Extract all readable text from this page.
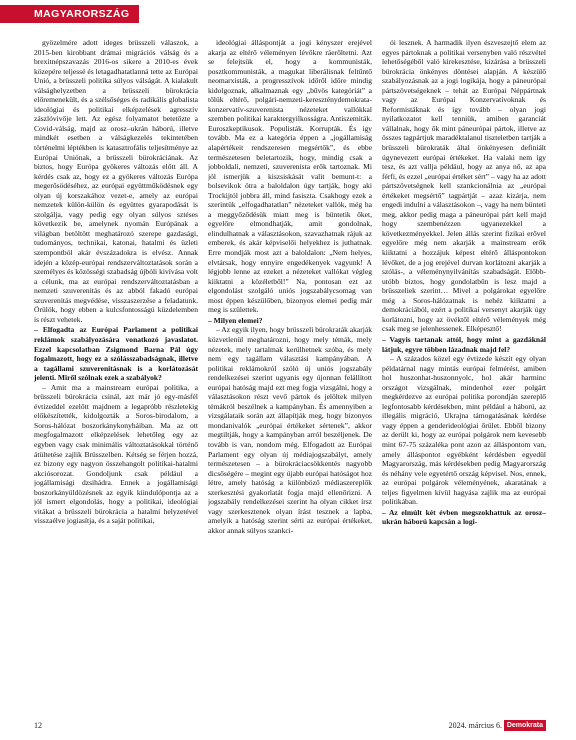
MAGYARORSZÁG

gyözelmére adott ideges brüsszeli válaszok, a 2015-ben kirobbant drámai migrációs válság és a brexitnépszavazás 2016-os sikere a 2010-es évek közepére teljessé és letagadhatatlanná tette az Európai Unió, a brüsszeli politika súlyos válságát. A kialakult válsághelyzetben a brüsszeli bürokrácia előremenekült, és a szélsőséges és radikális globalista ideológiai és politikai elképzelések agresszív zászlóvivője lett. Az egész folyamatot betetőzte a Covid-válság, majd az orosz–ukrán háború, illetve mindkét esetben a válságkezelés tekintetében történelmi léptékben is katasztrofális teljesítménye az Európai Uniónak, a brüsszeli bürokráciának. Az biztos, hogy Európa gyökeres változás előtt áll. A kérdés csak az, hogy ez a gyökeres változás Európa megerősödéséhez, az európai együttműködésnek egy olyan új korszakához vezet-e, amely az európai nemzetek külön-külön és együttes gyarapodását is szolgálja, vagy pedig egy olyan súlyos sztéses következik be, amelynek nyomán Európának a világban betöltött meghatározó szerepe gazdasági, tudományos, technikai, katonai, hatalmi és üzleti szempontból akár évszázadokra is elvész. Annak idején a közép-európai rendszerváltoztatások során a személyes és közösségi szabadság újbóli kivívása volt a célunk, ma az európai rendszerváltoztatásban a nemzeti szuverenitás és az abból fakadó európai szuverenitás megvédése, visszaszerzése a feladatunk. Örülök, hogy ebben a kulcsfontosságú küzdelemben is részt vehetek.

– Elfogadta az Európai Parlament a politikai reklámok szabályozására vonatkozó javaslatot. Ezzel kapcsolatban Zsigmond Barna Pál úgy fogalmazott, hogy ez a szólásszabadságnak, illetve a tagállami szuverenitásnak is a korlátozását jelenti. Miről szólnak ezek a szabályok?

– Amit ma a mainstream európai politika, a brüsszeli bürokrácia csinál, azt már jó egy-másfél évtizeddel ezelőtt majdnem a legapróbb részletekig előkészítették, kidolgozták a Soros-birodalom, a Soros-hálózat boszorkánykonyháiban. Ma az ott megfogalmazott elképzelések lehetőleg egy az egyben vagy csak minimális változtatásokkal történő átültetése zajlik Brüsszelben. Kétség se férjen hozzá, ez bizony egy nagyon összehangolt politikai-hatalmi akciósorozat. Gondoljunk csak például a jogállamisági dzsihádra. Ennek a jogállamisági boszorkányüldözésnek az egyik kiindulópontja az a jól ismert elgondolás, hogy a politikai, ideológiai vitákat a brüsszeli bürokrácia a hatalmi helyzetével visszaélve jogiasítja, és a saját politikai,

ideológiai álláspontját a jogi kényszer erejével akarja az eltérő véleményen lévőkre ráerőltetni. Azt se felejtsük el, hogy a kommunisták, posztkommunisták, a magukat liberálisnak feltűntő neomarxisták, a progresszívok időről időre mindig kidolgoznak, alkalmaznak egy „bűvös kategóriát” a tőlük eltérő, polgári-nemzeti-kereszténydemokrata-konzervatív-szuverenista nézeteket vallókkal szemben politikai karaktergyilkosságra. Antiszemiták. Euroszkeptikusok. Populisták. Korrupták. És így tovább. Ma ez a kategória éppen a „jogállamiság alapértékeit rendszeresen megsértők”, és ebbe természetesen beletartozik, hogy, mindig csak a jobboldali, nemzeti, szuverenista erők tartoznak. Mi jól ismerjük a kiszsiskását valit bemunt-t: a bolsevikok ötra a baloldalon úgy tartják, hogy aki Trockijtól jobbra áll, mind fasiszta. Csakhogy ezek a szerintük „elfogadhatatlan” nézeteket vallók, még ha a meggyőződésük miatt meg is büntetik őket, egyelőre elmondhatják, amit gondolnak, elindulhatnak a választásokon, szavazhatnak rájuk az emberek, és akár képviselői helyekhez is juthatnak. Erre mondják most azt a baloldalon: „Nem helyes, elvtársak, hogy ennyire engedékenyek vagyunk! A légjobb lenne az ezeket a nézeteket vallókat végleg kiiktatni a közéletből!” Na, pontosan ezt az elgondolást szolgáló uniós jogszabálycsomag van most éppen készülőben, bizonyos elemei pedig már meg is születtek.

– Milyen elemei?

– Az egyik ilyen, hogy brüsszeli bürokraták akarják közvetlenül meghatározni, hogy mely témák, mely nézetek, mely tartalmak kerülhetnek szóba, és mely nem egy tagállam választási kampányában. A politikai reklámokról szóló új uniós jogszabály rendelkezései szerint ugyanis egy újonnan felállított európai hatóság majd ezt meg fogja vizsgálni, hogy a választásokon részt vevő pártok és jelöltek milyen témákról beszélnek a kampányban. És amennyiben a vizsgálataik során azt állapítják meg, hogy bizonyos mondanivalók „európai értékeket sértenek”, akkor megtiltják, hogy a kampányban arról beszéljenek. De tovább is van, nondom még. Elfogadott az Európai Parlament egy olyan új médiajogszabályt, amely természetesen – a bürokráciacsökkentés nagyobb dicsőségére – megint egy újabb európai hatóságot hoz létre, amely hatóság a különböző médiaszereplők szerkesztési gyakorlatát fogja majd ellenőrizni. A jogszabály rendelkezései szerint ha olyan cikket írsz vagy szerkesztenek olyan írást tesznek a lapba, amelyik a hatóság szerint sérti az európai értékeket, akkor annak súlyos szankci-

ói lesznek. A harmadik ilyen észveszejtő elem az egyes pártoknak a politikai versenyben való részvétel lehetőségéből való kirekesztése, kizárása a brüsszeli bürokrácia önkényes döntései alapján. A készülő szabályozásnak az a jogi logikája, hogy a páneurópai pártszövetségeknek – tehát az Európai Néppártnak vagy az Európai Konzervatívoknak és Reformistáknak és így tovább – olyan jogi nyilatkozatot kell tenniük, amiben garanciát vállalnak, hogy ők mint páneurópai pártok, illetve az összes tagpártjuk maradéktalanul tiszteletben tartják a brüsszeli bürokraták által önkényesen definiált úgynevezett európai értékeket. Ha valaki nem így tesz, és azt vallja például, hogy az anya nő, az apa férfi, és ezzel „európai értéket sért” – vagy ha az adott pártszövetségnek kell szankcionálnia az „európai értékeket megsértő” tagpártját – azaz kizárja, nem engedi indulni a választásokon –, vagy ha nem bünteti meg, akkor pedig maga a páneurópai párt kell majd hogy szembenézzen ugyanezekkel a következményekkel. Jelen állás szerint fizikai erővel egyelőre még nem akarják a mainstream erők kiiktatni a hozzájuk képest eltérő álláspontokon lévőket, de a jog erejével durvan korlátozni akarják a szólás-, a véleménynyilvánítás szabadságát. Előbb-utóbb biztos, hogy gondolatbűn is lesz majd a brüsszeliek szerint… Mivel a polgárokat egyelőre még a Soros-hálózatnak is nehéz kiiktatni a demokráciából, ezért a politikai versenyt akarják úgy korlátozni, hogy az övéktől eltérő vélemények még csak meg se jelenhessenek. Elképesztő!

– Vagyis tartanak attól, hogy mint a gazdáknál látjuk, egyre többen lázadnak majd fel?

– A százados közel egy évtizede készít egy olyan példatárnal nagy mintás európai felmérést, amiben hol huszonhat-huszonnyolc, hol akár harminc országot vizsgálnak, mindenhol ezer polgárt megkérdezve az európai politika porondján szereplő legfontosabb kérdésekben, mint például a háború, az illegális migráció, Ukrajna támogatásának kérdése vagy éppen a genderideológiai őrület. Ebből bizony az derült ki, hogy az európai polgárok nem kevesebb mint 67-75 százaléka pont azon az álláspontom van, amely álláspontot egyébként kérdésben egyedül Magyarország, más kérdésekben pedig Magyarország és néhány vele egyetértő ország képvisel. Nos, ennek, az európai polgárok véleményének, akaratának a teljes figyelmen kívül hagyása zajlik ma az európai politikában.

– Az elmúlt két évben megszokhattuk az orosz–ukrán háború kapcsán a logi-

12	2024. március 6. Demokrata
